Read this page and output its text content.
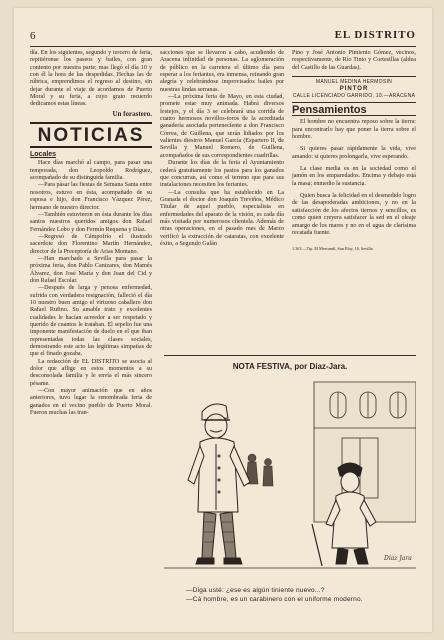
6	EL DISTRITO

día. En los siguientes, segundo y tercero de feria, repitiéronse los paseos y bailes, con gran contento por nuestra parte; mas llegó el día 10 y con él la hora de las despedidas. Hechas las de rúbrica, emprendimos el regreso al destino, sin dejar durante el viaje de acordarnos de Puerto Moral y su feria, a cuyo grato recuerdo dedicamos estas líneas.

Un forastero.

NOTICIAS
Locales

Hace días marchó al campo, para pasar una temporada, don Leopoldo Rodríguez, acompañado de su distinguida familia.

—Para pasar las fiestas de Semana Santa entre nosotros, estuvo en ésta, acompañado de su esposa e hijo, don Francisco Vázquez Pérez, hermano de nuestro director.

—También estuvieron en ésta durante los días santos nuestros queridos amigos don Rafael Fernández Lobo y don Fermín Requena y Díaz.

—Regresó de Cámpofrío el ilustrado sacerdote don Florentino Martín Hernández, director de la Preceptoría de Arias Montano.

—Han marchado a Sevilla para pasar la próxima feria, don Pablo Canizares, don Mamés Álvarez, don José María y don Juan del Cid y don Rafael Escolar.

—Después de larga y penosa enfermedad, sufrida con verdadera resignación, falleció el día 10 nuestro buen amigo el virtuoso caballero don Rafael Rufino. Su amable trato y excelentes cualidades le hacían acreedor a ser respetado y querido de cuantos le trataban. El sepelio fue una imponente manifestación de duelo en el que iban representadas todas las clases sociales, demostrando este acto las legítimas simpatías de que el finado gozaba.

La redacción de EL DISTRITO se asocia al dolor que aflige en estos momentos a su desconsolada familia y le envía el más sincero pésame.

—Con mayor animación que en años anteriores, tuvo lugar la renombrada feria de ganados en el vecino pueblo de Puerto Moral. Fueron muchas las tran-

sacciones que se llevaron a cabo, acudiendo de Aracena infinidad de personas. La aglomeración de público en la carretera el último día para esperar a los feriantes, era inmensa, reinando gran alegría y celebrándose improvisados bailes por nuestras lindas serranas.

—La próxima feria de Mayo, en esta ciudad, promete estar muy animada. Habrá diversos festejos, y el día 3 se celebrará una corrida de cuatro hermosos novillos-toros de la acreditada ganadería asociada perteneciente a don Francisco Correa, de Guillena, que serán lidiados por los valientes diestros Manuel García (Espartero II, de Sevilla y Manuel Romero, de Guillena, acompañados de sus correspondientes cuadrillas.

Durante los días de la feria el Ayuntamiento cederá gratuitamente los pastos para los ganados que concurran, así como el terreno que para sus instalaciones necesiten los feriantes.

—La consulta que ha establecido en La Granada el doctor don Joaquín Treviños, Médico Titular de aquel pueblo, especialista en enfermedades del aparato de la visión, es cada día más visitada por numerosos clientela. Además de otras operaciones, en el pasado mes de Marzo verificó la extracción de cataratas, con excelente éxito, a Segundo Galán

Pino y José Antonio Pimiento Gómez, vecinos, respectivamente, de Río Tinto y Cortesillas (aldea del Castillo de las Guardas).

MANUEL MEDINA HERMOSIN
PINTOR
CALLE LICENCIADO GARRIDO, 10.—ARACENA
Pensamientos

El hombre no encuentra reposo sobre la tierra: para encontrarlo hay que poner la tierra sobre el hombre.

Si quieres pasar rápidamente la vida, vive amando: si quieres prolongarla, vive esperando.

La clase media es en la sociedad como el jamón en los emparedados. Encima y debajo está la masa: enmedio la sustancia.

Quien busca la felicidad en el desmedido logro de las desapoderadas ambiciones, y no en la satisfacción de los afectos tiernos y sencillos, es como quien creyera satisfacer la sed en el oleaje amargo de los mares y no en el agua de clarísima recatada fuente.

1.363.—Tip. El Mercantil, San Eloy, 16, Sevilla.

NOTA FESTIVA, por Díaz-Jara.
Díaz Jara
—Diga usté: ¿ese es algún tiniente nuevo...?
—Cá hombre, es un carabinero con el uniforme moderno.
